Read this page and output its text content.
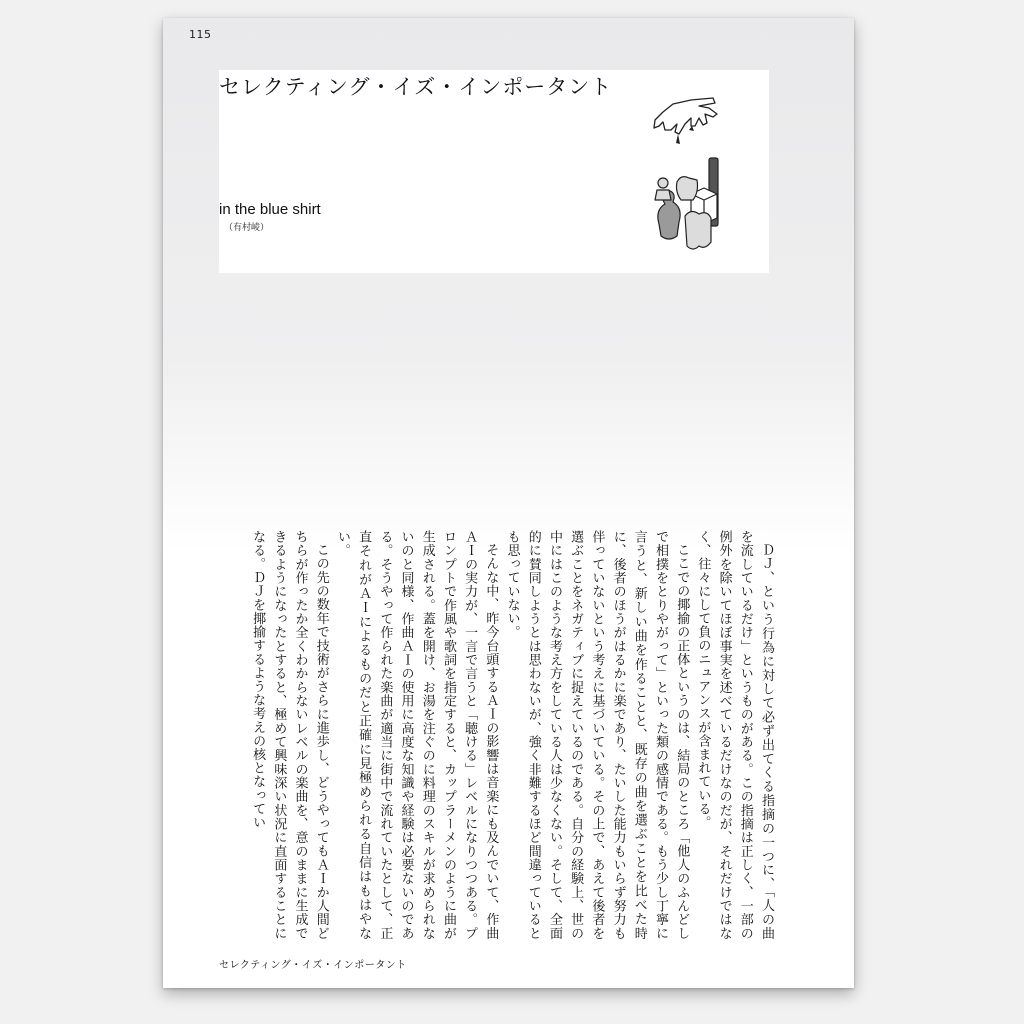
115
セレクティング・イズ・インポータント
in the blue shirt
（有村崚）

ＤＪ、という行為に対して必ず出てくる指摘の一つに、「人の曲を流しているだけ」というものがある。この指摘は正しく、一部の例外を除いてほぼ事実を述べているだけなのだが、それだけではなく、往々にして負のニュアンスが含まれている。

ここでの揶揄の正体というのは、結局のところ「他人のふんどしで相撲をとりやがって」といった類の感情である。もう少し丁寧に言うと、新しい曲を作ることと、既存の曲を選ぶことを比べた時に、後者のほうがはるかに楽であり、たいした能力もいらず努力も伴っていないという考えに基づいている。その上で、あえて後者を選ぶことをネガティブに捉えているのである。自分の経験上、世の中にはこのような考え方をしている人は少なくない。そして、全面的に賛同しようとは思わないが、強く非難するほど間違っているとも思っていない。

そんな中、昨今台頭するＡＩの影響は音楽にも及んでいて、作曲ＡＩの実力が、一言で言うと「聴ける」レベルになりつつある。プロンプトで作風や歌詞を指定すると、カップラーメンのように曲が生成される。蓋を開け、お湯を注ぐのに料理のスキルが求められないのと同様、作曲ＡＩの使用に高度な知識や経験は必要ないのである。そうやって作られた楽曲が適当に街中で流れていたとして、正直それがＡＩによるものだと正確に見極められる自信はもはやない。

この先の数年で技術がさらに進歩し、どうやってもＡＩか人間どちらが作ったか全くわからないレベルの楽曲を、意のままに生成できるようになったとすると、極めて興味深い状況に直面することになる。ＤＪを揶揄するような考えの核となってい

セレクティング・イズ・インポータント
